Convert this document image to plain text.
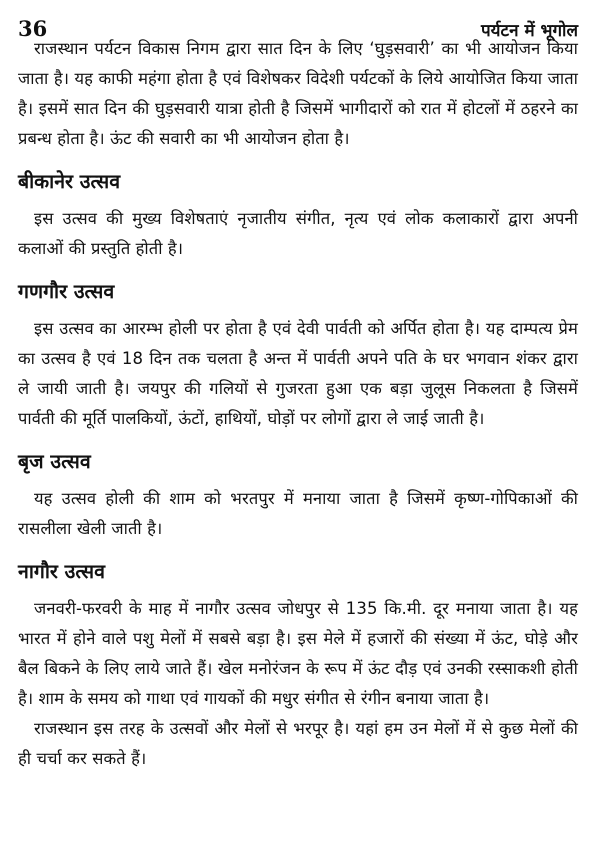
36	पर्यटन में भूगोल

राजस्थान पर्यटन विकास निगम द्वारा सात दिन के लिए ‘घुड़सवारी’ का भी आयोजन किया जाता है। यह काफी महंगा होता है एवं विशेषकर विदेशी पर्यटकों के लिये आयोजित किया जाता है। इसमें सात दिन की घुड़सवारी यात्रा होती है जिसमें भागीदारों को रात में होटलों में ठहरने का प्रबन्ध होता है। ऊंट की सवारी का भी आयोजन होता है।

बीकानेर उत्सव

इस उत्सव की मुख्य विशेषताएं नृजातीय संगीत, नृत्य एवं लोक कलाकारों द्वारा अपनी कलाओं की प्रस्तुति होती है।

गणगौर उत्सव

इस उत्सव का आरम्भ होली पर होता है एवं देवी पार्वती को अर्पित होता है। यह दाम्पत्य प्रेम का उत्सव है एवं 18 दिन तक चलता है अन्त में पार्वती अपने पति के घर भगवान शंकर द्वारा ले जायी जाती है। जयपुर की गलियों से गुजरता हुआ एक बड़ा जुलूस निकलता है जिसमें पार्वती की मूर्ति पालकियों, ऊंटों, हाथियों, घोड़ों पर लोगों द्वारा ले जाई जाती है।

बृज उत्सव

यह उत्सव होली की शाम को भरतपुर में मनाया जाता है जिसमें कृष्ण-गोपिकाओं की रासलीला खेली जाती है।

नागौर उत्सव

जनवरी-फरवरी के माह में नागौर उत्सव जोधपुर से 135 कि.मी. दूर मनाया जाता है। यह भारत में होने वाले पशु मेलों में सबसे बड़ा है। इस मेले में हजारों की संख्या में ऊंट, घोड़े और बैल बिकने के लिए लाये जाते हैं। खेल मनोरंजन के रूप में ऊंट दौड़ एवं उनकी रस्साकशी होती है। शाम के समय को गाथा एवं गायकों की मधुर संगीत से रंगीन बनाया जाता है।

राजस्थान इस तरह के उत्सवों और मेलों से भरपूर है। यहां हम उन मेलों में से कुछ मेलों की ही चर्चा कर सकते हैं।
